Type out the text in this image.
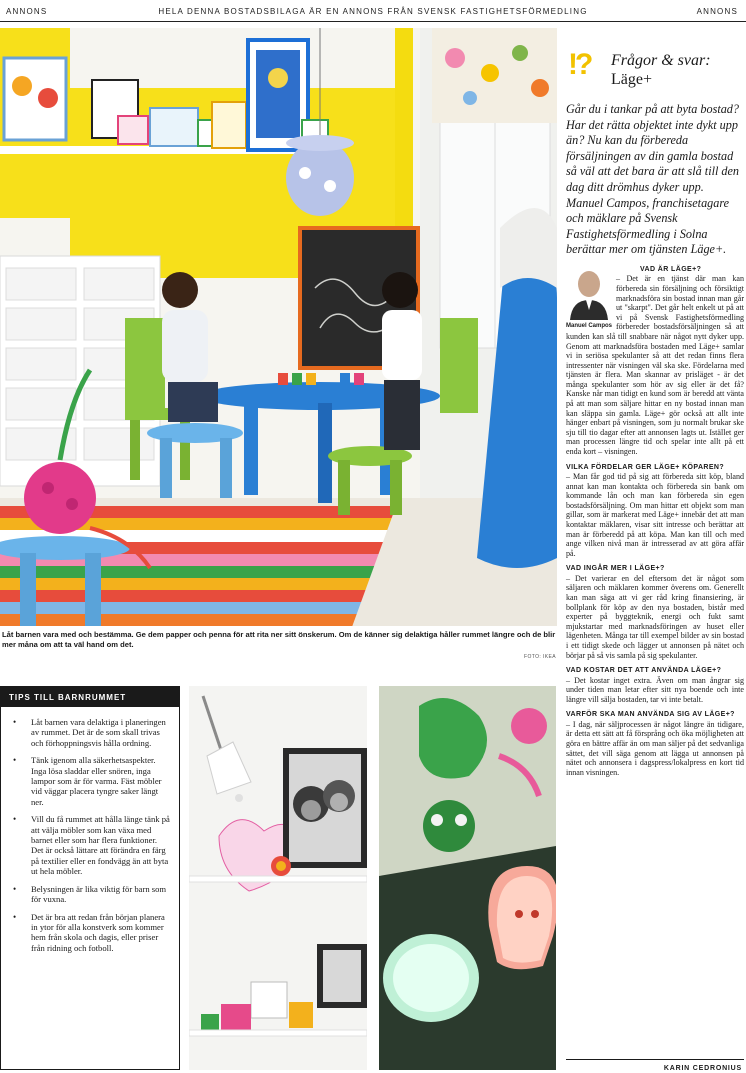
ANNONS	HELA DENNA BOSTADSBILAGA ÄR EN ANNONS FRÅN SVENSK FASTIGHETSFÖRMEDLING	ANNONS
Låt barnen vara med och bestämma. Ge dem papper och penna för att rita ner sitt önskerum. Om de känner sig delaktiga håller rummet längre och de blir mer måna om att ta väl hand om det.
FOTO: IKEA
TIPS TILL BARNRUMMET
• Låt barnen vara delaktiga i planeringen av rummet. Det är de som skall trivas och förhoppningsvis hålla ordning.
• Tänk igenom alla säkerhetsaspekter. Inga lösa sladdar eller snören, inga lampor som är för varma. Fäst möbler vid väggar placera tyngre saker längt ner.
• Vill du få rummet att hålla länge tänk på att välja möbler som kan växa med barnet eller som har flera funktioner. Det är också lättare att förändra en färg på textilier eller en fondvägg än att byta ut hela möbler.
• Belysningen är lika viktig för barn som för vuxna.
• Det är bra att redan från början planera in ytor för alla konstverk som kommer hem från skola och dagis, eller priser från ridning och fotboll.
!? Frågor & svar:
Läge+

Går du i tankar på att byta bostad? Har det rätta objektet inte dykt upp än? Nu kan du förbereda försäljningen av din gamla bostad så väl att det bara är att slå till den dag ditt drömhus dyker upp. Manuel Campos, franchisetagare och mäklare på Svensk Fastighetsförmedling i Solna berättar mer om tjänsten Läge+.

Manuel Campos
VAD ÄR LÄGE+?
– Det är en tjänst där man kan förbereda sin försäljning och försiktigt marknadsföra sin bostad innan man går ut "skarpt". Det går helt enkelt ut på att vi på Svensk Fastighetsförmedling förbereder bostadsförsäljningen så att kunden kan slå till snabbare när något nytt dyker upp. Genom att marknadsföra bostaden med Läge+ samlar vi in seriösa spekulanter så att det redan finns flera intressenter när visningen väl ska ske. Fördelarna med tjänsten är flera. Man skannar av prisläget - är det många spekulanter som hör av sig eller är det få? Kanske når man tidigt en kund som är beredd att vänta på att man som säljare hittar en ny bostad innan man kan släppa sin gamla. Läge+ gör också att allt inte hänger enbart på visningen, som ju normalt brukar ske sju till tio dagar efter att annonsen lagts ut. Istället ger man processen längre tid och spelar inte allt på ett enda kort – visningen.
VILKA FÖRDELAR GER LÄGE+ KÖPAREN?
– Man får god tid på sig att förbereda sitt köp, bland annat kan man kontakta och förbereda sin bank om kommande lån och man kan förbereda sin egen bostadsförsäljning. Om man hittar ett objekt som man gillar, som är markerat med Läge+ innebär det att man kontaktar mäklaren, visar sitt intresse och berättar att man är förberedd på att köpa. Man kan till och med ange vilken nivå man är intresserad av att göra affär på.
VAD INGÅR MER I LÄGE+?
– Det varierar en del eftersom det är något som säljaren och mäklaren kommer överens om. Generellt kan man säga att vi ger råd kring finansiering, är bollplank för köp av den nya bostaden, bistår med experter på byggteknik, energi och fukt samt mjukstartar med marknadsföringen av huset eller lägenheten. Många tar till exempel bilder av sin bostad i ett tidigt skede och lägger ut annonsen på nätet och börjar på så vis samla på sig spekulanter.
VAD KOSTAR DET ATT ANVÄNDA LÄGE+?
– Det kostar inget extra. Även om man ångrar sig under tiden man letar efter sitt nya boende och inte längre vill sälja bostaden, tar vi inte betalt.
VARFÖR SKA MAN ANVÄNDA SIG AV LÄGE+?
– I dag, när säljprocessen är något längre än tidigare, är detta ett sätt att få försprång och öka möjligheten att göra en bättre affär än om man säljer på det sedvanliga sättet, det vill säga genom att lägga ut annonsen på nätet och annonsera i dagspress/lokalpress en kort tid innan visningen.
KARIN CEDRONIUS
